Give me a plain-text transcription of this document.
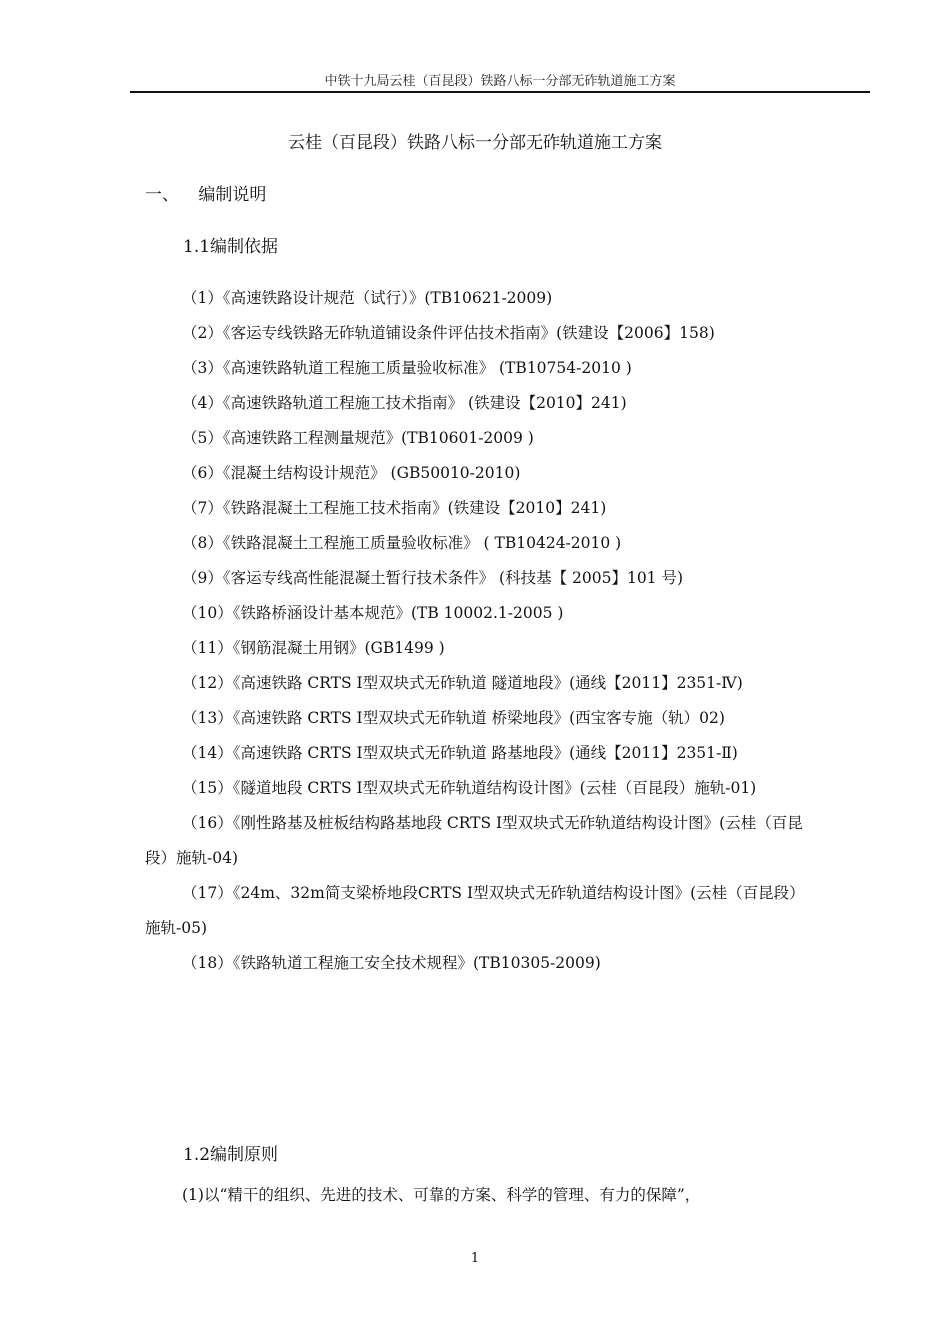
中铁十九局云桂（百昆段）铁路八标一分部无砟轨道施工方案
云桂（百昆段）铁路八标一分部无砟轨道施工方案
一、 编制说明
1.1编制依据
（1）《高速铁路设计规范（试行）》(TB10621-2009)
（2）《客运专线铁路无砟轨道铺设条件评估技术指南》(铁建设【2006】158)
（3）《高速铁路轨道工程施工质量验收标准》 (TB10754-2010 )
（4）《高速铁路轨道工程施工技术指南》 (铁建设【2010】241)
（5）《高速铁路工程测量规范》(TB10601-2009 )
（6）《混凝土结构设计规范》 (GB50010-2010)
（7）《铁路混凝土工程施工技术指南》(铁建设【2010】241)
（8）《铁路混凝土工程施工质量验收标准》 ( TB10424-2010 )
（9）《客运专线高性能混凝土暂行技术条件》 (科技基【 2005】101 号)
（10）《铁路桥涵设计基本规范》(TB 10002.1-2005 )
（11）《钢筋混凝土用钢》(GB1499 )
（12）《高速铁路 CRTS Ⅰ型双块式无砟轨道 隧道地段》(通线【2011】2351-Ⅳ)
（13）《高速铁路 CRTS Ⅰ型双块式无砟轨道 桥梁地段》(西宝客专施（轨）02)
（14）《高速铁路 CRTS Ⅰ型双块式无砟轨道 路基地段》(通线【2011】2351-Ⅱ)
（15）《隧道地段 CRTS Ⅰ型双块式无砟轨道结构设计图》(云桂（百昆段）施轨-01)
（16）《刚性路基及桩板结构路基地段 CRTS Ⅰ型双块式无砟轨道结构设计图》(云桂（百昆段）施轨-04)
（17）《24m、32m简支梁桥地段CRTS Ⅰ型双块式无砟轨道结构设计图》(云桂（百昆段）施轨-05)
（18）《铁路轨道工程施工安全技术规程》(TB10305-2009)
1.2编制原则
(1)以“精干的组织、先进的技术、可靠的方案、科学的管理、有力的保障”，
1
